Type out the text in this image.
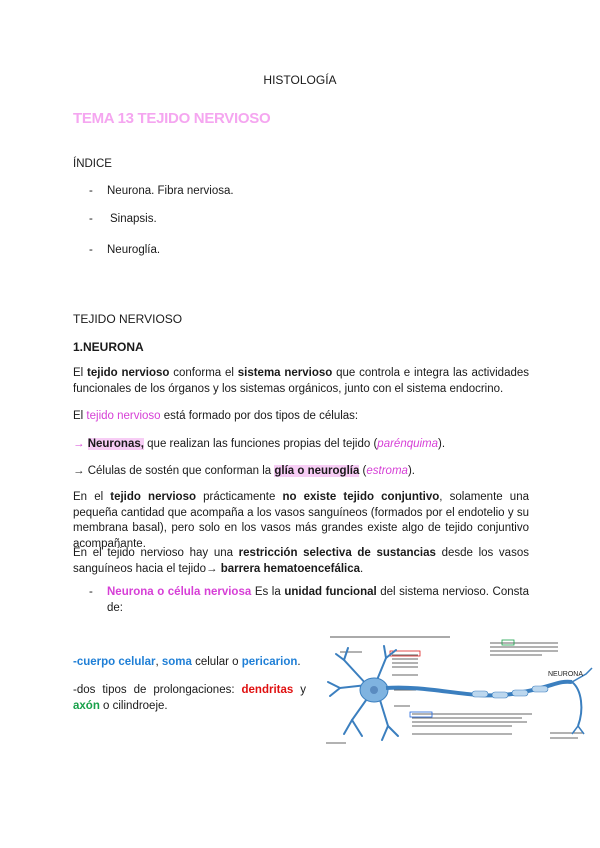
HISTOLOGÍA
TEMA 13 TEJIDO NERVIOSO
ÍNDICE
- Neurona. Fibra nerviosa.
- Sinapsis.
- Neuroglía.
TEJIDO NERVIOSO
1.NEURONA
El tejido nervioso conforma el sistema nervioso que controla e integra las actividades funcionales de los órganos y los sistemas orgánicos, junto con el sistema endocrino.
El tejido nervioso está formado por dos tipos de células:
→ Neuronas, que realizan las funciones propias del tejido (parénquima).
→ Células de sostén que conforman la glía o neuroglía (estroma).
En el tejido nervioso prácticamente no existe tejido conjuntivo, solamente una pequeña cantidad que acompaña a los vasos sanguíneos (formados por el endotelio y su membrana basal), pero solo en los vasos más grandes existe algo de tejido conjuntivo acompañante.
En el tejido nervioso hay una restricción selectiva de sustancias desde los vasos sanguíneos hacia el tejido→ barrera hematoencefálica.
- Neurona o célula nerviosa Es la unidad funcional del sistema nervioso. Consta de:
-cuerpo celular, soma celular o pericarion.
-dos tipos de prolongaciones: dendritas y axón o cilindroeje.
NEURONA
